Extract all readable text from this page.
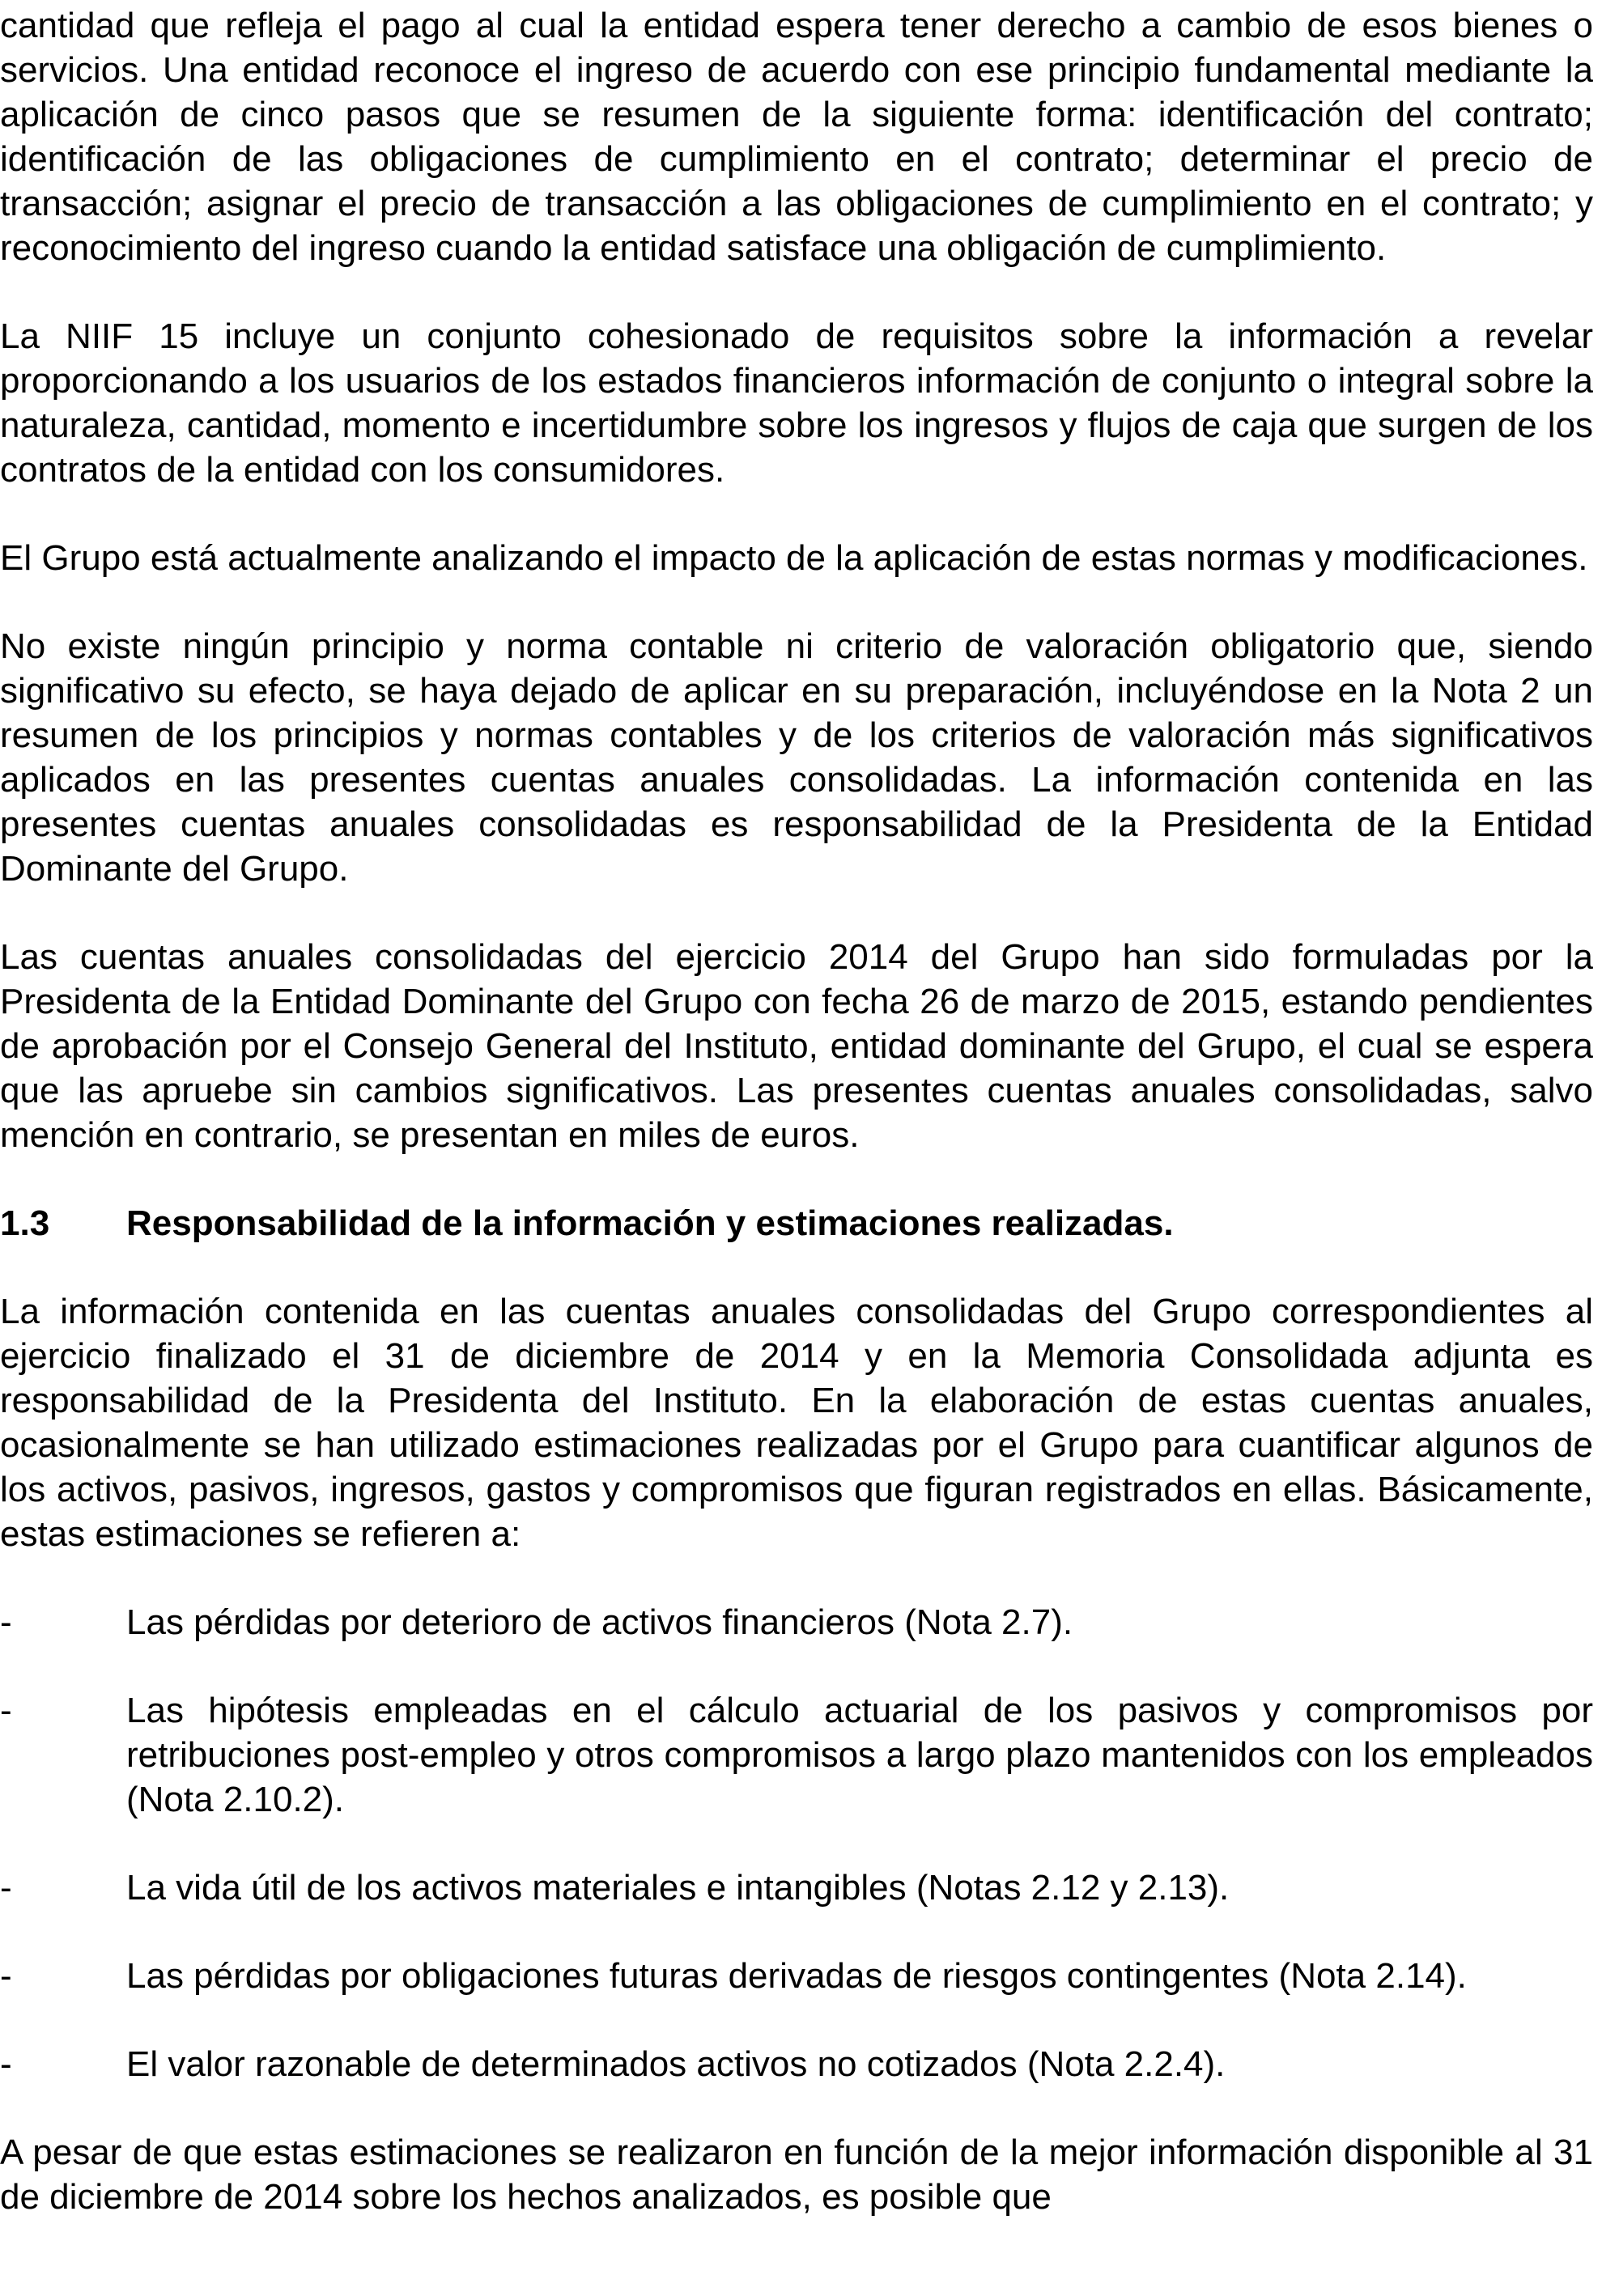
cantidad que refleja el pago al cual la entidad espera tener derecho a cambio de esos bienes o servicios. Una entidad reconoce el ingreso de acuerdo con ese principio fundamental mediante la aplicación de cinco pasos que se resumen de la siguiente forma: identificación del contrato; identificación de las obligaciones de cumplimiento en el contrato; determinar el precio de transacción; asignar el precio de transacción a las obligaciones de cumplimiento en el contrato; y reconocimiento del ingreso cuando la entidad satisface una obligación de cumplimiento.

La NIIF 15 incluye un conjunto cohesionado de requisitos sobre la información a revelar proporcionando a los usuarios de los estados financieros información de conjunto o integral sobre la naturaleza, cantidad, momento e incertidumbre sobre los ingresos y flujos de caja que surgen de los contratos de la entidad con los consumidores.

El Grupo está actualmente analizando el impacto de la aplicación de estas normas y modificaciones.

No existe ningún principio y norma contable ni criterio de valoración obligatorio que, siendo significativo su efecto, se haya dejado de aplicar en su preparación, incluyéndose en la Nota 2 un resumen de los principios y normas contables y de los criterios de valoración más significativos aplicados en las presentes cuentas anuales consolidadas. La información contenida en las presentes cuentas anuales consolidadas es responsabilidad de la Presidenta de la Entidad Dominante del Grupo.

Las cuentas anuales consolidadas del ejercicio 2014 del Grupo han sido formuladas por la Presidenta de la Entidad Dominante del Grupo con fecha 26 de marzo de 2015, estando pendientes de aprobación por el Consejo General del Instituto, entidad dominante del Grupo, el cual se espera que las apruebe sin cambios significativos. Las presentes cuentas anuales consolidadas, salvo mención en contrario, se presentan en miles de euros.

1.3	Responsabilidad de la información y estimaciones realizadas.

La información contenida en las cuentas anuales consolidadas del Grupo correspondientes al ejercicio finalizado el 31 de diciembre de 2014 y en la Memoria Consolidada adjunta es responsabilidad de la Presidenta del Instituto. En la elaboración de estas cuentas anuales, ocasionalmente se han utilizado estimaciones realizadas por el Grupo para cuantificar algunos de los activos, pasivos, ingresos, gastos y compromisos que figuran registrados en ellas. Básicamente, estas estimaciones se refieren a:

-	Las pérdidas por deterioro de activos financieros (Nota 2.7).
-	Las hipótesis empleadas en el cálculo actuarial de los pasivos y compromisos por retribuciones post-empleo y otros compromisos a largo plazo mantenidos con los empleados (Nota 2.10.2).
-	La vida útil de los activos materiales e intangibles (Notas 2.12 y 2.13).
-	Las pérdidas por obligaciones futuras derivadas de riesgos contingentes (Nota 2.14).
-	El valor razonable de determinados activos no cotizados (Nota 2.2.4).

A pesar de que estas estimaciones se realizaron en función de la mejor información disponible al 31 de diciembre de 2014 sobre los hechos analizados, es posible que
